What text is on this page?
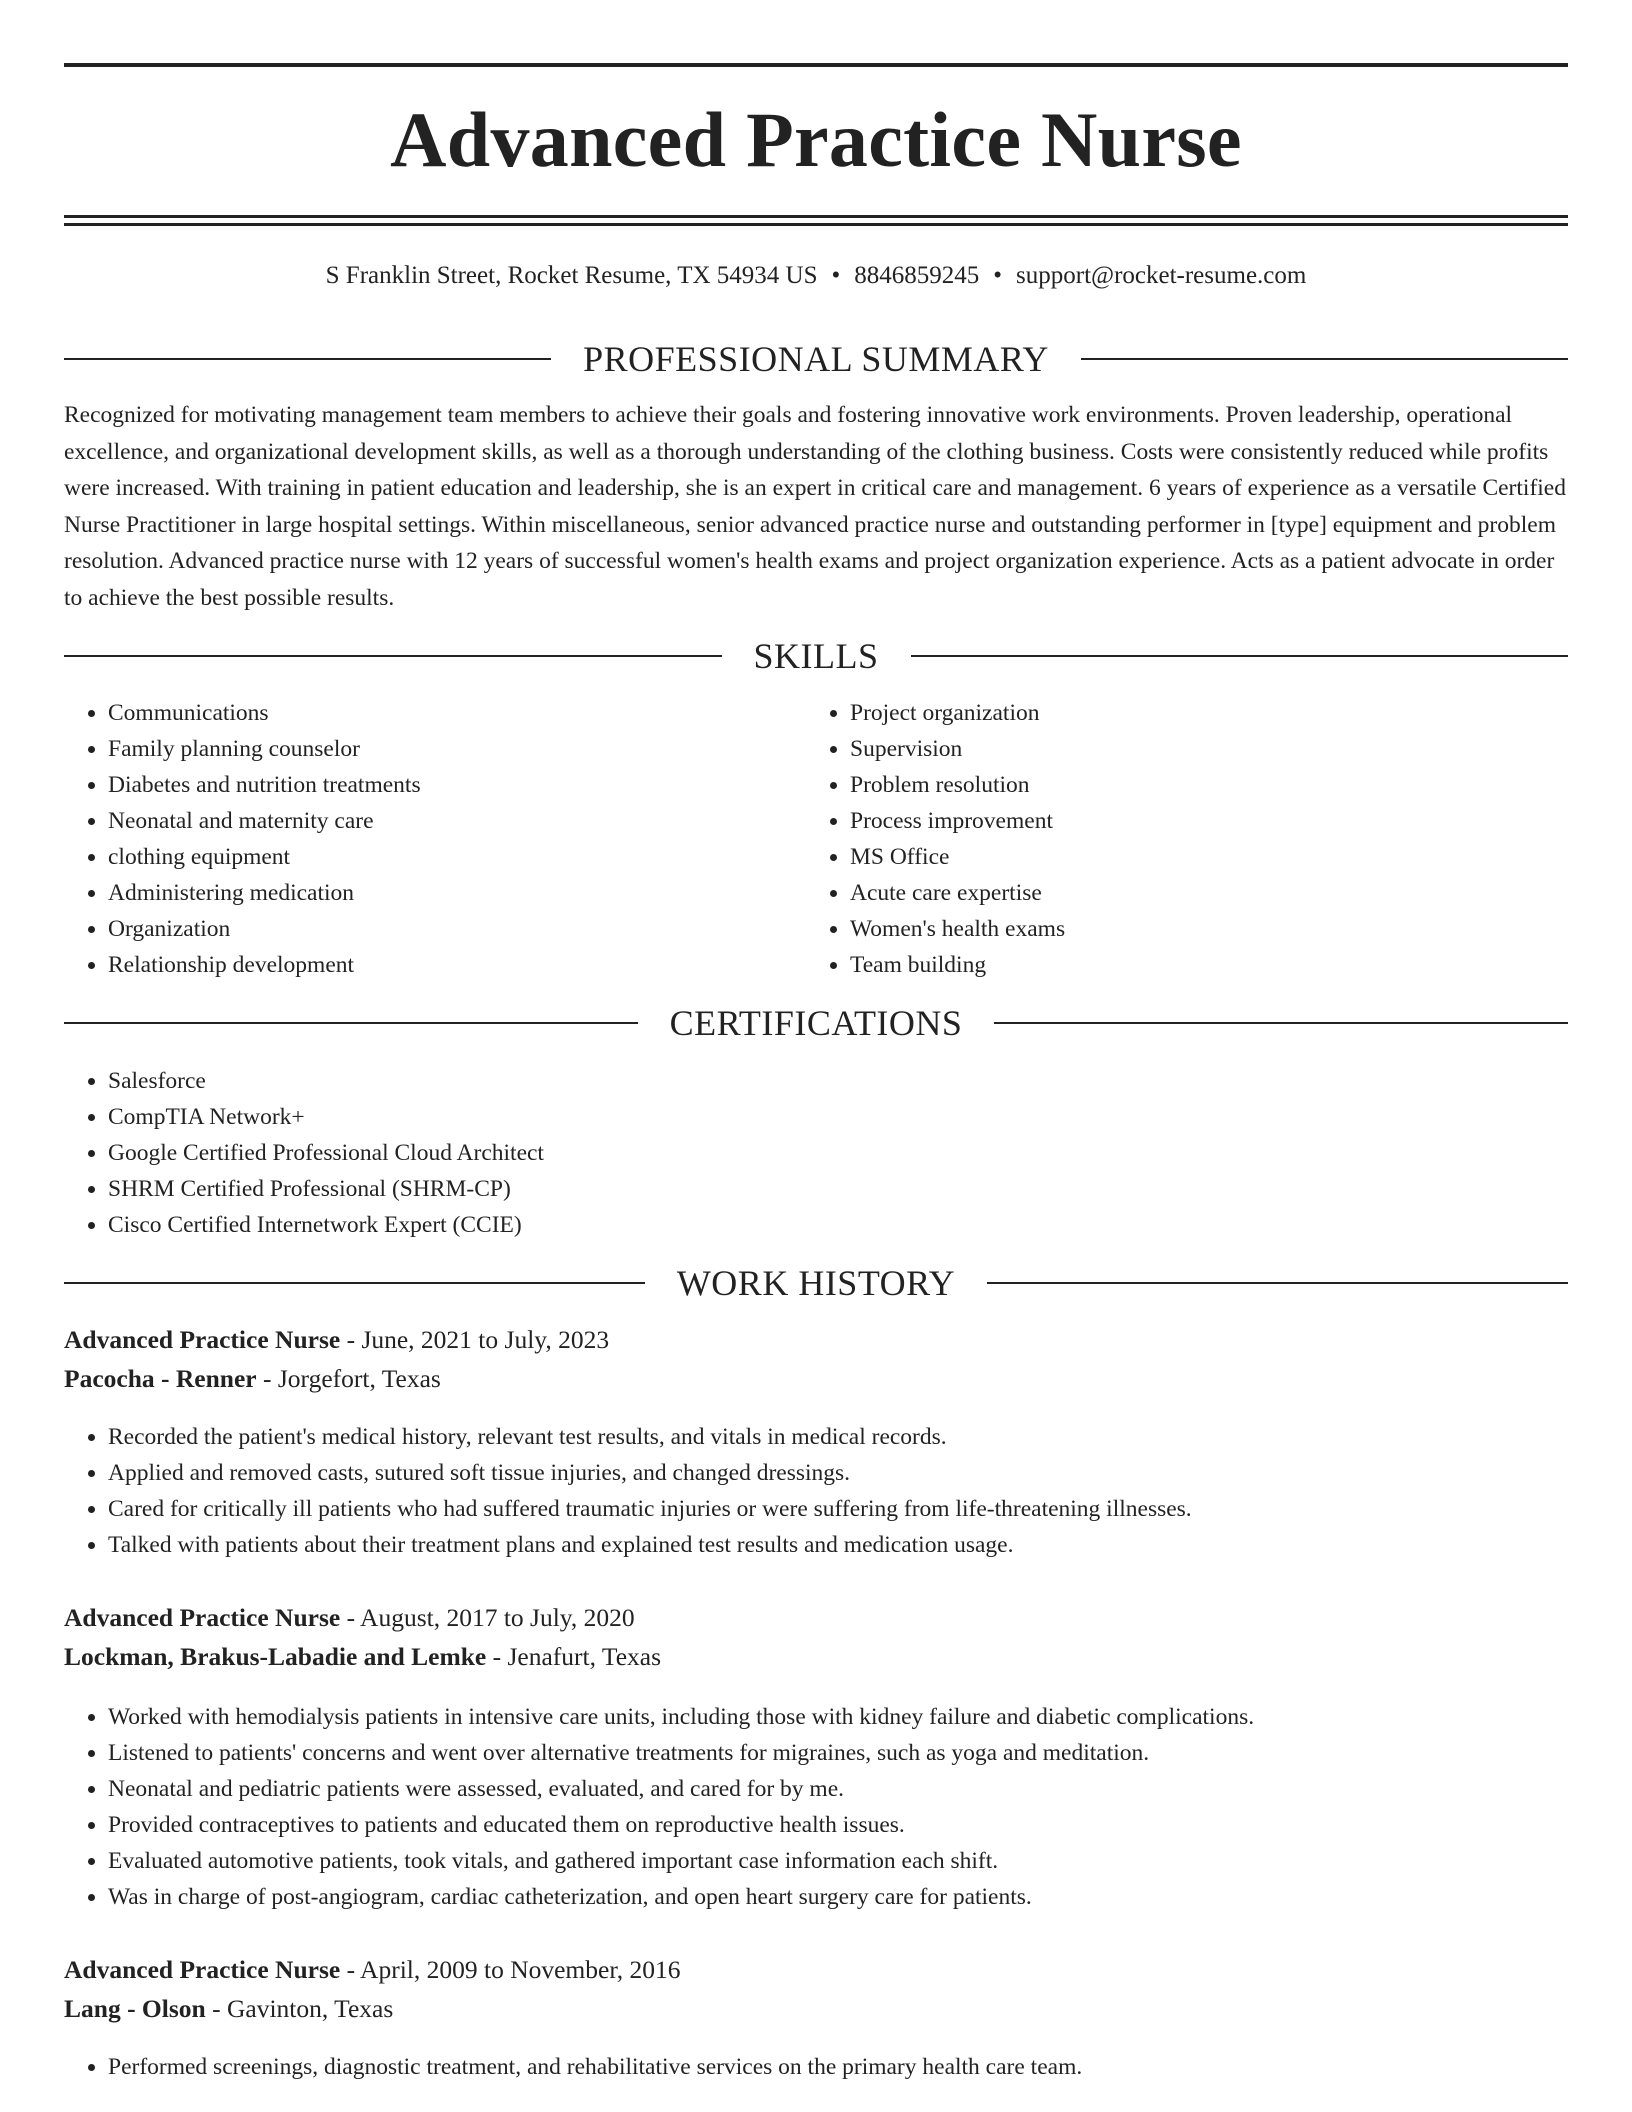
Advanced Practice Nurse
S Franklin Street, Rocket Resume, TX 54934 US • 8846859245 • support@rocket-resume.com
PROFESSIONAL SUMMARY

Recognized for motivating management team members to achieve their goals and fostering innovative work environments. Proven leadership, operational excellence, and organizational development skills, as well as a thorough understanding of the clothing business. Costs were consistently reduced while profits were increased. With training in patient education and leadership, she is an expert in critical care and management. 6 years of experience as a versatile Certified Nurse Practitioner in large hospital settings. Within miscellaneous, senior advanced practice nurse and outstanding performer in [type] equipment and problem resolution. Advanced practice nurse with 12 years of successful women's health exams and project organization experience. Acts as a patient advocate in order to achieve the best possible results.

SKILLS
• Communications
• Family planning counselor
• Diabetes and nutrition treatments
• Neonatal and maternity care
• clothing equipment
• Administering medication
• Organization
• Relationship development
• Project organization
• Supervision
• Problem resolution
• Process improvement
• MS Office
• Acute care expertise
• Women's health exams
• Team building
CERTIFICATIONS
• Salesforce
• CompTIA Network+
• Google Certified Professional Cloud Architect
• SHRM Certified Professional (SHRM-CP)
• Cisco Certified Internetwork Expert (CCIE)
WORK HISTORY
Advanced Practice Nurse - June, 2021 to July, 2023
Pacocha - Renner - Jorgefort, Texas
• Recorded the patient's medical history, relevant test results, and vitals in medical records.
• Applied and removed casts, sutured soft tissue injuries, and changed dressings.
• Cared for critically ill patients who had suffered traumatic injuries or were suffering from life-threatening illnesses.
• Talked with patients about their treatment plans and explained test results and medication usage.
Advanced Practice Nurse - August, 2017 to July, 2020
Lockman, Brakus-Labadie and Lemke - Jenafurt, Texas
• Worked with hemodialysis patients in intensive care units, including those with kidney failure and diabetic complications.
• Listened to patients' concerns and went over alternative treatments for migraines, such as yoga and meditation.
• Neonatal and pediatric patients were assessed, evaluated, and cared for by me.
• Provided contraceptives to patients and educated them on reproductive health issues.
• Evaluated automotive patients, took vitals, and gathered important case information each shift.
• Was in charge of post-angiogram, cardiac catheterization, and open heart surgery care for patients.
Advanced Practice Nurse - April, 2009 to November, 2016
Lang - Olson - Gavinton, Texas
• Performed screenings, diagnostic treatment, and rehabilitative services on the primary health care team.
